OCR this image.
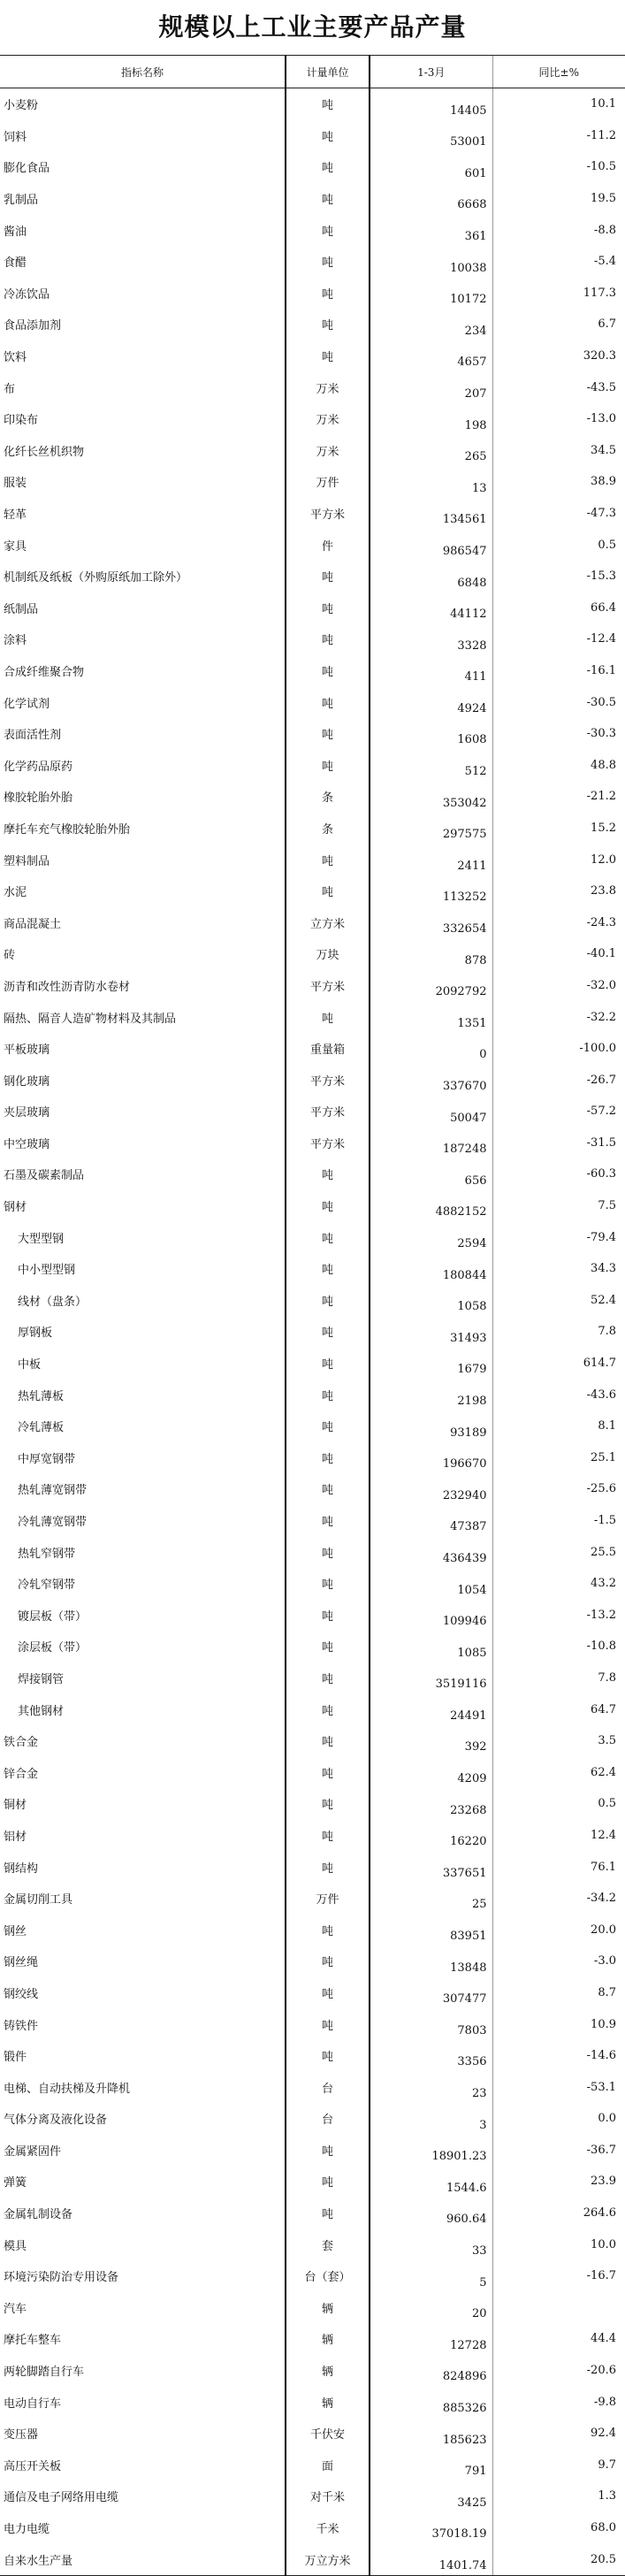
规模以上工业主要产品产量
指标名称	计量单位	1-3月	同比±%
小麦粉	吨	14405	10.1
饲料	吨	53001	-11.2
膨化食品	吨	601	-10.5
乳制品	吨	6668	19.5
酱油	吨	361	-8.8
食醋	吨	10038	-5.4
冷冻饮品	吨	10172	117.3
食品添加剂	吨	234	6.7
饮料	吨	4657	320.3
布	万米	207	-43.5
印染布	万米	198	-13.0
化纤长丝机织物	万米	265	34.5
服装	万件	13	38.9
轻革	平方米	134561	-47.3
家具	件	986547	0.5
机制纸及纸板（外购原纸加工除外）	吨	6848	-15.3
纸制品	吨	44112	66.4
涂料	吨	3328	-12.4
合成纤维聚合物	吨	411	-16.1
化学试剂	吨	4924	-30.5
表面活性剂	吨	1608	-30.3
化学药品原药	吨	512	48.8
橡胶轮胎外胎	条	353042	-21.2
摩托车充气橡胶轮胎外胎	条	297575	15.2
塑料制品	吨	2411	12.0
水泥	吨	113252	23.8
商品混凝土	立方米	332654	-24.3
砖	万块	878	-40.1
沥青和改性沥青防水卷材	平方米	2092792	-32.0
隔热、隔音人造矿物材料及其制品	吨	1351	-32.2
平板玻璃	重量箱	0	-100.0
钢化玻璃	平方米	337670	-26.7
夹层玻璃	平方米	50047	-57.2
中空玻璃	平方米	187248	-31.5
石墨及碳素制品	吨	656	-60.3
钢材	吨	4882152	7.5
大型型钢	吨	2594	-79.4
中小型型钢	吨	180844	34.3
线材（盘条）	吨	1058	52.4
厚钢板	吨	31493	7.8
中板	吨	1679	614.7
热轧薄板	吨	2198	-43.6
冷轧薄板	吨	93189	8.1
中厚宽钢带	吨	196670	25.1
热轧薄宽钢带	吨	232940	-25.6
冷轧薄宽钢带	吨	47387	-1.5
热轧窄钢带	吨	436439	25.5
冷轧窄钢带	吨	1054	43.2
镀层板（带）	吨	109946	-13.2
涂层板（带）	吨	1085	-10.8
焊接钢管	吨	3519116	7.8
其他钢材	吨	24491	64.7
铁合金	吨	392	3.5
锌合金	吨	4209	62.4
铜材	吨	23268	0.5
铝材	吨	16220	12.4
钢结构	吨	337651	76.1
金属切削工具	万件	25	-34.2
钢丝	吨	83951	20.0
钢丝绳	吨	13848	-3.0
钢绞线	吨	307477	8.7
铸铁件	吨	7803	10.9
锻件	吨	3356	-14.6
电梯、自动扶梯及升降机	台	23	-53.1
气体分离及液化设备	台	3	0.0
金属紧固件	吨	18901.23	-36.7
弹簧	吨	1544.6	23.9
金属轧制设备	吨	960.64	264.6
模具	套	33	10.0
环境污染防治专用设备	台（套）	5	-16.7
汽车	辆	20	
摩托车整车	辆	12728	44.4
两轮脚踏自行车	辆	824896	-20.6
电动自行车	辆	885326	-9.8
变压器	千伏安	185623	92.4
高压开关板	面	791	9.7
通信及电子网络用电缆	对千米	3425	1.3
电力电缆	千米	37018.19	68.0
自来水生产量	万立方米	1401.74	20.5
